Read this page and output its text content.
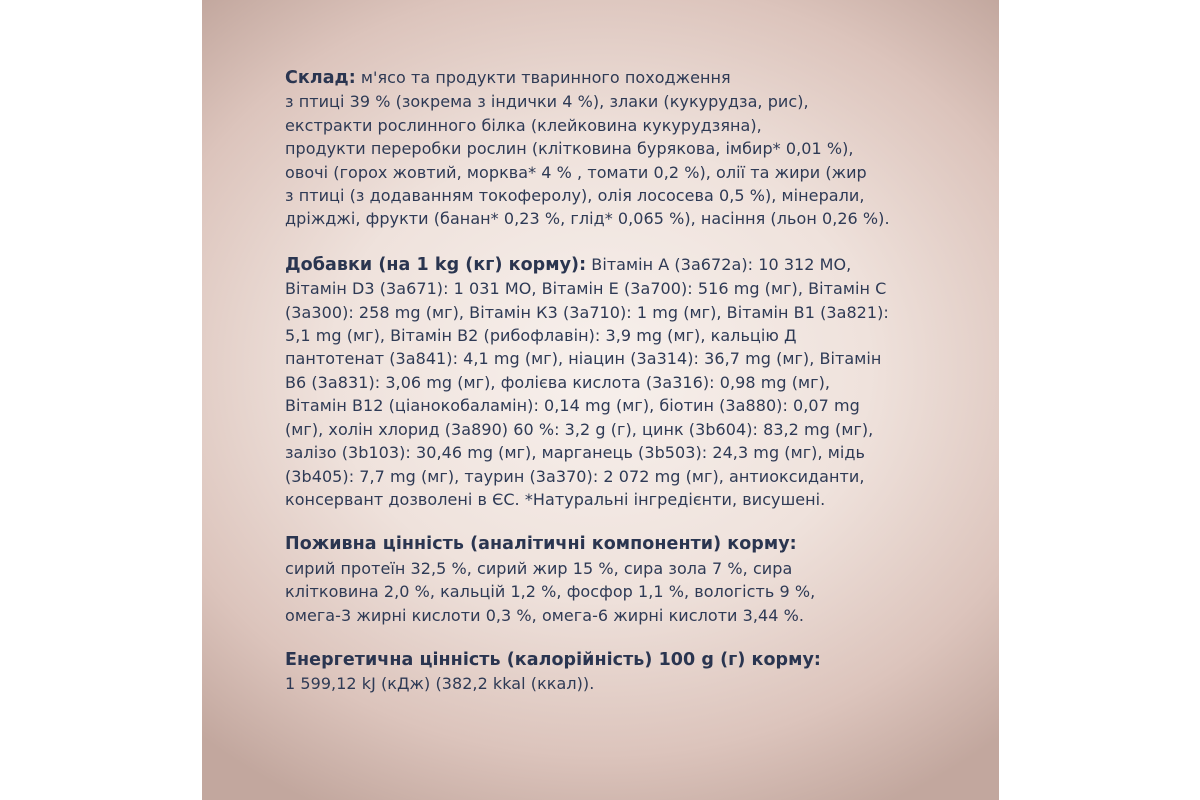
Склад: м'ясо та продукти тваринного походження
з птиці 39 % (зокрема з індички 4 %), злаки (кукурудза, рис),
екстракти рослинного білка (клейковина кукурудзяна),
продукти переробки рослин (клітковина бурякова, імбир* 0,01 %),
овочі (горох жовтий, морква* 4 % , томати 0,2 %), олії та жири (жир
з птиці (з додаванням токоферолу), олія лососева 0,5 %), мінерали,
дріжджі, фрукти (банан* 0,23 %, глід* 0,065 %), насіння (льон 0,26 %).
Добавки (на 1 kg (кг) корму): Вітамін А (3а672а): 10 312 МО,
Вітамін D3 (3а671): 1 031 МО, Вітамін Е (3а700): 516 mg (мг), Вітамін С
(3а300): 258 mg (мг), Вітамін К3 (3а710): 1 mg (мг), Вітамін В1 (3а821):
5,1 mg (мг), Вітамін В2 (рибофлавін): 3,9 mg (мг), кальцію Д
пантотенат (3а841): 4,1 mg (мг), ніацин (3а314): 36,7 mg (мг), Вітамін
В6 (3а831): 3,06 mg (мг), фолієва кислота (3а316): 0,98 mg (мг),
Вітамін В12 (ціанокобаламін): 0,14 mg (мг), біотин (3а880): 0,07 mg
(мг), холін хлорид (3а890) 60 %: 3,2 g (г), цинк (3b604): 83,2 mg (мг),
залізо (3b103): 30,46 mg (мг), марганець (3b503): 24,3 mg (мг), мідь
(3b405): 7,7 mg (мг), таурин (3а370): 2 072 mg (мг), антиоксиданти,
консервант дозволені в ЄС. *Натуральні інгредієнти, висушені.
Поживна цінність (аналітичні компоненти) корму:
сирий протеїн 32,5 %, сирий жир 15 %, сира зола 7 %, сира
клітковина 2,0 %, кальцій 1,2 %, фосфор 1,1 %, вологість 9 %,
омега-3 жирні кислоти 0,3 %, омега-6 жирні кислоти 3,44 %.
Енергетична цінність (калорійність) 100 g (г) корму:
1 599,12 kJ (кДж) (382,2 kkal (ккал)).
